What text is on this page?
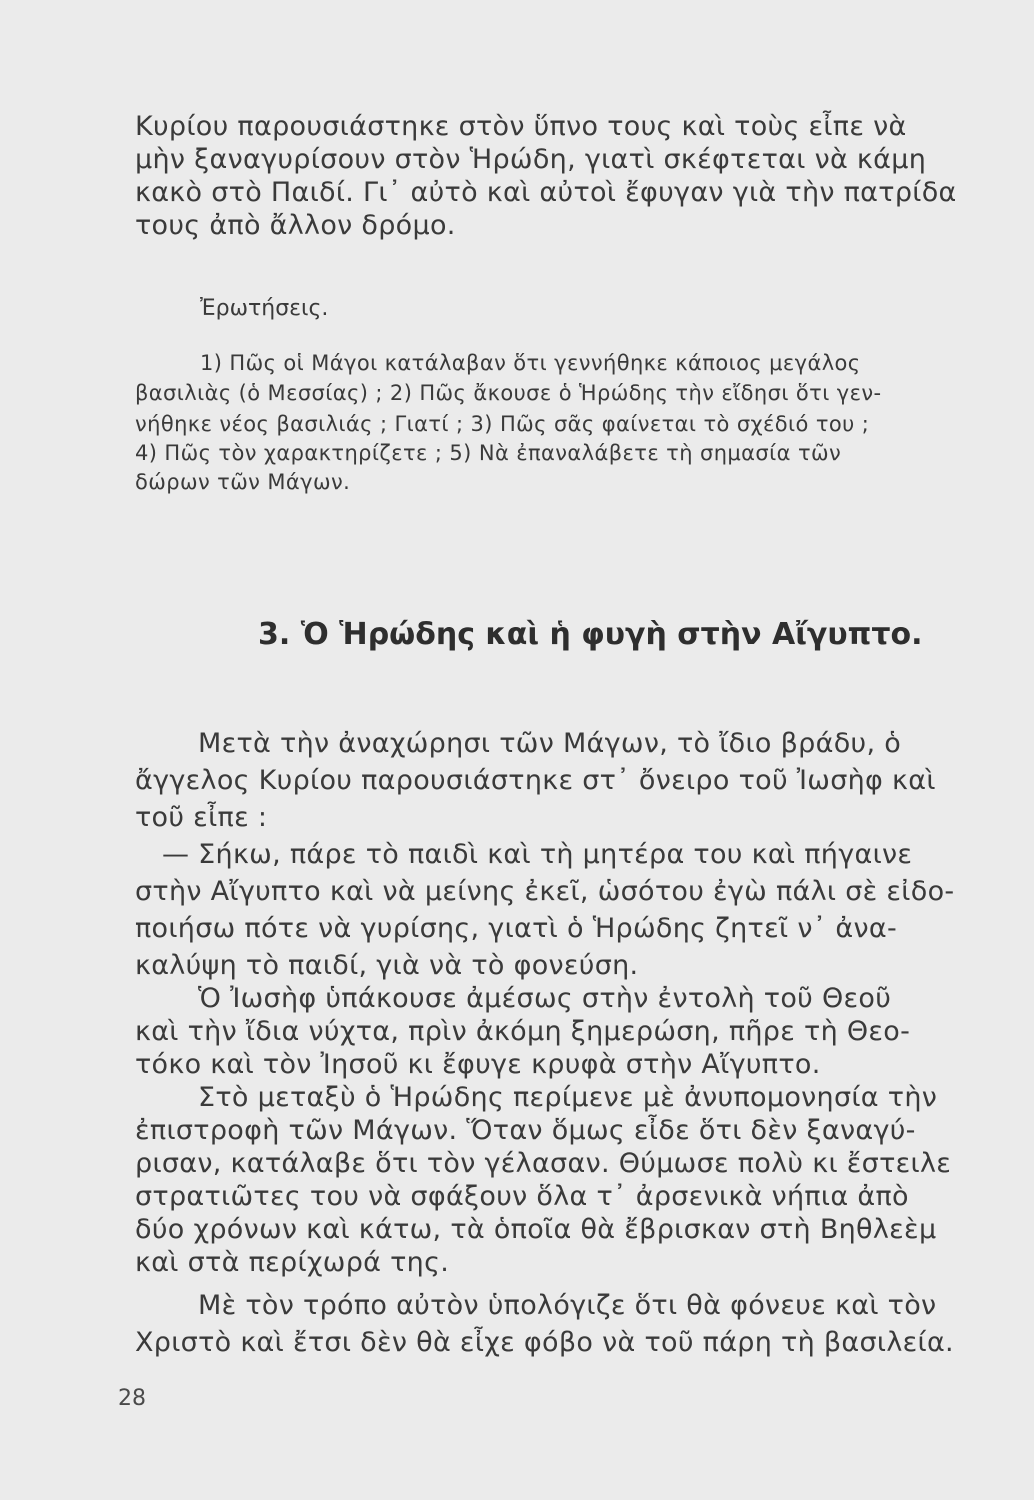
Κυρίου παρουσιάστηκε στὸν ὕπνο τους καὶ τοὺς εἶπε νὰ

μὴν ξαναγυρίσουν στὸν Ἡρώδη, γιατὶ σκέφτεται νὰ κάμη

κακὸ στὸ Παιδί. Γι᾽ αὐτὸ καὶ αὐτοὶ ἔφυγαν γιὰ τὴν πατρίδα

τους ἀπὸ ἄλλον δρόμο.

Ἐρωτήσεις.

1) Πῶς οἱ Μάγοι κατάλαβαν ὅτι γεννήθηκε κάποιος μεγάλος

βασιλιὰς (ὁ Μεσσίας) ; 2) Πῶς ἄκουσε ὁ Ἡρώδης τὴν εἴδησι ὅτι γεν-

νήθηκε νέος βασιλιάς ; Γιατί ; 3) Πῶς σᾶς φαίνεται τὸ σχέδιό του ;

4) Πῶς τὸν χαρακτηρίζετε ; 5) Νὰ ἐπαναλάβετε τὴ σημασία τῶν

δώρων τῶν Μάγων.

3. Ὁ Ἡρώδης καὶ ἡ φυγὴ στὴν Αἴγυπτο.

Μετὰ τὴν ἀναχώρησι τῶν Μάγων, τὸ ἴδιο βράδυ, ὁ

ἄγγελος Κυρίου παρουσιάστηκε στ᾽ ὄνειρο τοῦ Ἰωσὴφ καὶ

τοῦ εἶπε :

— Σήκω, πάρε τὸ παιδὶ καὶ τὴ μητέρα του καὶ πήγαινε

στὴν Αἴγυπτο καὶ νὰ μείνης ἐκεῖ, ὡσότου ἐγὼ πάλι σὲ εἰδο-

ποιήσω πότε νὰ γυρίσης, γιατὶ ὁ Ἡρώδης ζητεῖ ν᾽ ἀνα-

καλύψη τὸ παιδί, γιὰ νὰ τὸ φονεύση.

Ὁ Ἰωσὴφ ὑπάκουσε ἀμέσως στὴν ἐντολὴ τοῦ Θεοῦ

καὶ τὴν ἴδια νύχτα, πρὶν ἀκόμη ξημερώση, πῆρε τὴ Θεο-

τόκο καὶ τὸν Ἰησοῦ κι ἔφυγε κρυφὰ στὴν Αἴγυπτο.

Στὸ μεταξὺ ὁ Ἡρώδης περίμενε μὲ ἀνυπομονησία τὴν

ἐπιστροφὴ τῶν Μάγων. Ὅταν ὅμως εἶδε ὅτι δὲν ξαναγύ-

ρισαν, κατάλαβε ὅτι τὸν γέλασαν. Θύμωσε πολὺ κι ἔστειλε

στρατιῶτες του νὰ σφάξουν ὅλα τ᾽ ἀρσενικὰ νήπια ἀπὸ

δύο χρόνων καὶ κάτω, τὰ ὁποῖα θὰ ἔβρισκαν στὴ Βηθλεὲμ

καὶ στὰ περίχωρά της.

Μὲ τὸν τρόπο αὐτὸν ὑπολόγιζε ὅτι θὰ φόνευε καὶ τὸν

Χριστὸ καὶ ἔτσι δὲν θὰ εἶχε φόβο νὰ τοῦ πάρη τὴ βασιλεία.

28
